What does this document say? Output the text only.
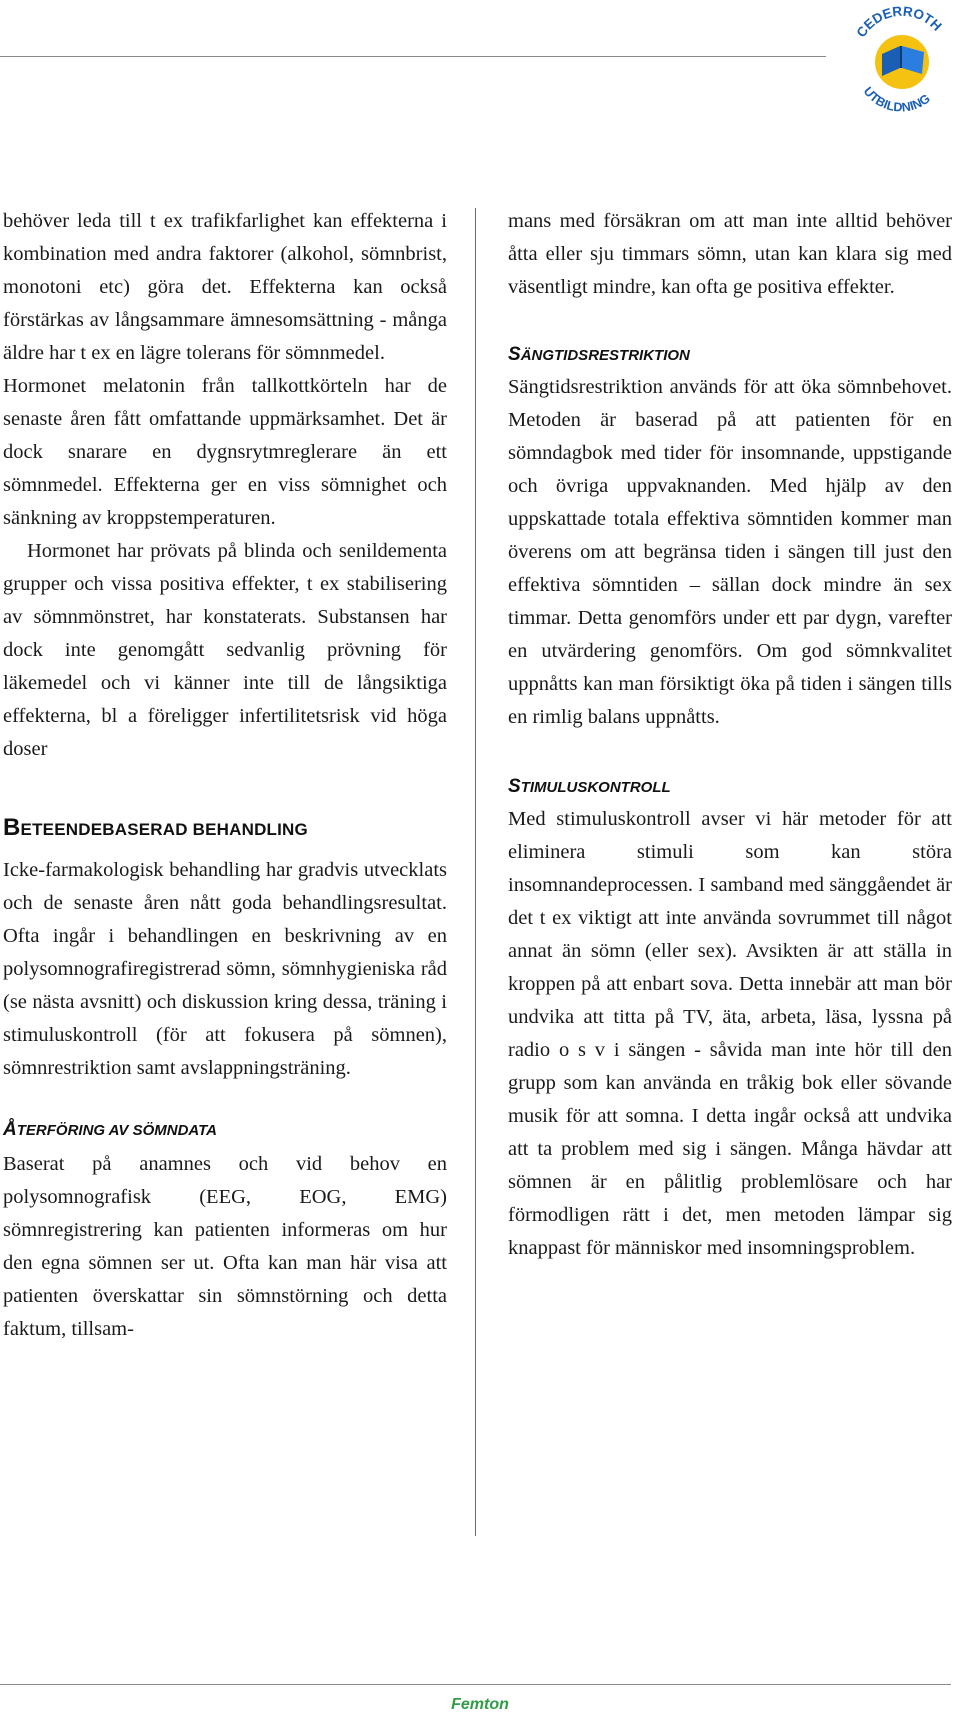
CEDERROTH
UTBILDNING

behöver leda till t ex trafikfarlighet kan effekterna i kombination med andra faktorer (alkohol, sömnbrist, monotoni etc) göra det. Effekterna kan också förstärkas av långsammare ämnesomsättning - många äldre har t ex en lägre tolerans för sömnmedel.

Hormonet melatonin från tallkottkörteln har de senaste åren fått omfattande uppmärksamhet. Det är dock snarare en dygnsrytmreglerare än ett sömnmedel. Effekterna ger en viss sömnighet och sänkning av kroppstemperaturen.

Hormonet har prövats på blinda och senildementa grupper och vissa positiva effekter, t ex stabilisering av sömnmönstret, har konstaterats. Substansen har dock inte genomgått sedvanlig prövning för läkemedel och vi känner inte till de långsiktiga effekterna, bl a föreligger infertilitetsrisk vid höga doser

BETEENDEBASERAD BEHANDLING

Icke-farmakologisk behandling har gradvis utvecklats och de senaste åren nått goda behandlingsresultat. Ofta ingår i behandlingen en beskrivning av en polysomnografiregistrerad sömn, sömnhygieniska råd (se nästa avsnitt) och diskussion kring dessa, träning i stimuluskontroll (för att fokusera på sömnen), sömnrestriktion samt avslappningsträning.

ÅTERFÖRING AV SÖMNDATA

Baserat på anamnes och vid behov en polysomnografisk (EEG, EOG, EMG) sömnregistrering kan patienten informeras om hur den egna sömnen ser ut. Ofta kan man här visa att patienten överskattar sin sömnstörning och detta faktum, tillsam-

mans med försäkran om att man inte alltid behöver åtta eller sju timmars sömn, utan kan klara sig med väsentligt mindre, kan ofta ge positiva effekter.

SÄNGTIDSRESTRIKTION

Sängtidsrestriktion används för att öka sömnbehovet. Metoden är baserad på att patienten för en sömndagbok med tider för insomnande, uppstigande och övriga uppvaknanden. Med hjälp av den uppskattade totala effektiva sömntiden kommer man överens om att begränsa tiden i sängen till just den effektiva sömntiden – sällan dock mindre än sex timmar. Detta genomförs under ett par dygn, varefter en utvärdering genomförs. Om god sömnkvalitet uppnåtts kan man försiktigt öka på tiden i sängen tills en rimlig balans uppnåtts.

STIMULUSKONTROLL

Med stimuluskontroll avser vi här metoder för att eliminera stimuli som kan störa insomnandeprocessen. I samband med sänggåendet är det t ex viktigt att inte använda sovrummet till något annat än sömn (eller sex). Avsikten är att ställa in kroppen på att enbart sova. Detta innebär att man bör undvika att titta på TV, äta, arbeta, läsa, lyssna på radio o s v i sängen - såvida man inte hör till den grupp som kan använda en tråkig bok eller sövande musik för att somna. I detta ingår också att undvika att ta problem med sig i sängen. Många hävdar att sömnen är en pålitlig problemlösare och har förmodligen rätt i det, men metoden lämpar sig knappast för människor med insomningsproblem.

Femton
